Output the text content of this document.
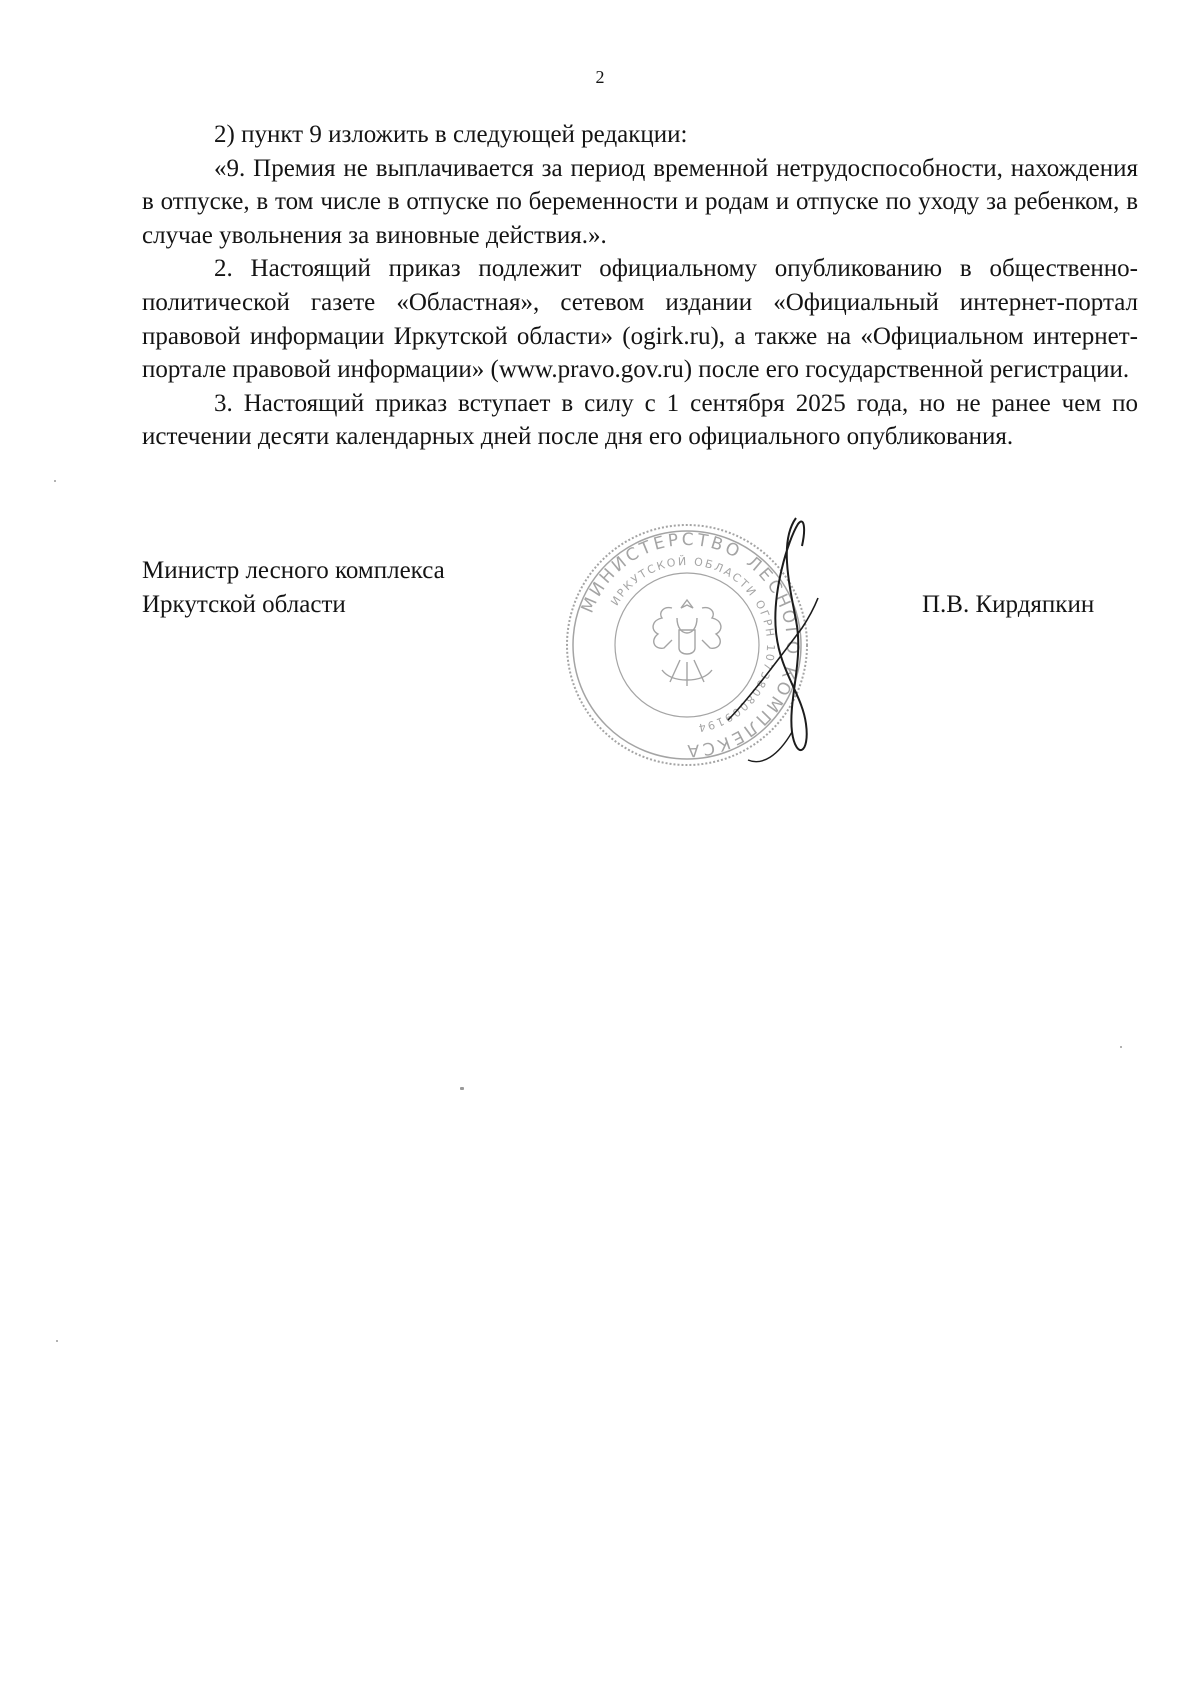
2

2) пункт 9 изложить в следующей редакции:

«9. Премия не выплачивается за период временной нетрудоспособности, нахождения в отпуске, в том числе в отпуске по беременности и родам и отпуске по уходу за ребенком, в случае увольнения за виновные действия.».

2. Настоящий приказ подлежит официальному опубликованию в общественно-политической газете «Областная», сетевом издании «Официальный интернет-портал правовой информации Иркутской области» (ogirk.ru), а также на «Официальном интернет-портале правовой информации» (www.pravo.gov.ru) после его государственной регистрации.

3. Настоящий приказ вступает в силу с 1 сентября 2025 года, но не ранее чем по истечении десяти календарных дней после дня его официального опубликования.

Министр лесного комплекса
Иркутской области	МИНИСТЕРСТВО ЛЕСНОГО КОМПЛЕКСА
ИРКУТСКОЙ ОБЛАСТИ ОГРН 1073808009194
П.В. Кирдяпкин
